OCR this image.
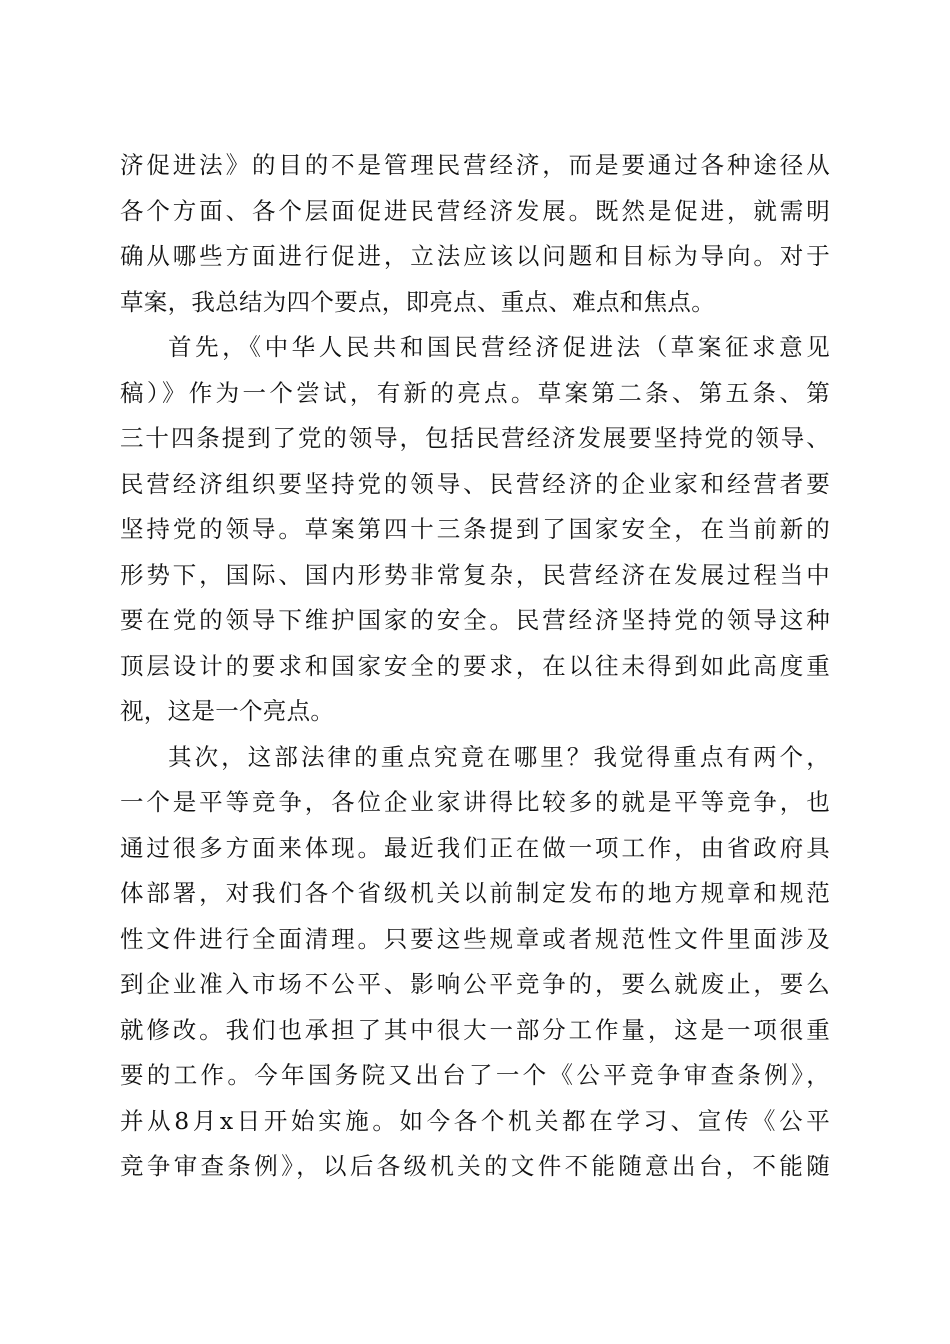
济促进法》的目的不是管理民营经济，而是要通过各种途径从
各个方面、各个层面促进民营经济发展。既然是促进，就需明
确从哪些方面进行促进，立法应该以问题和目标为导向。对于
草案，我总结为四个要点，即亮点、重点、难点和焦点。
首先，《中华人民共和国民营经济促进法（草案征求意见
稿）》作为一个尝试，有新的亮点。草案第二条、第五条、第
三十四条提到了党的领导，包括民营经济发展要坚持党的领导、
民营经济组织要坚持党的领导、民营经济的企业家和经营者要
坚持党的领导。草案第四十三条提到了国家安全，在当前新的
形势下，国际、国内形势非常复杂，民营经济在发展过程当中
要在党的领导下维护国家的安全。民营经济坚持党的领导这种
顶层设计的要求和国家安全的要求，在以往未得到如此高度重
视，这是一个亮点。
其次，这部法律的重点究竟在哪里？我觉得重点有两个，
一个是平等竞争，各位企业家讲得比较多的就是平等竞争，也
通过很多方面来体现。最近我们正在做一项工作，由省政府具
体部署，对我们各个省级机关以前制定发布的地方规章和规范
性文件进行全面清理。只要这些规章或者规范性文件里面涉及
到企业准入市场不公平、影响公平竞争的，要么就废止，要么
就修改。我们也承担了其中很大一部分工作量，这是一项很重
要的工作。今年国务院又出台了一个《公平竞争审查条例》，
并从8月x日开始实施。如今各个机关都在学习、宣传《公平
竞争审查条例》，以后各级机关的文件不能随意出台，不能随
